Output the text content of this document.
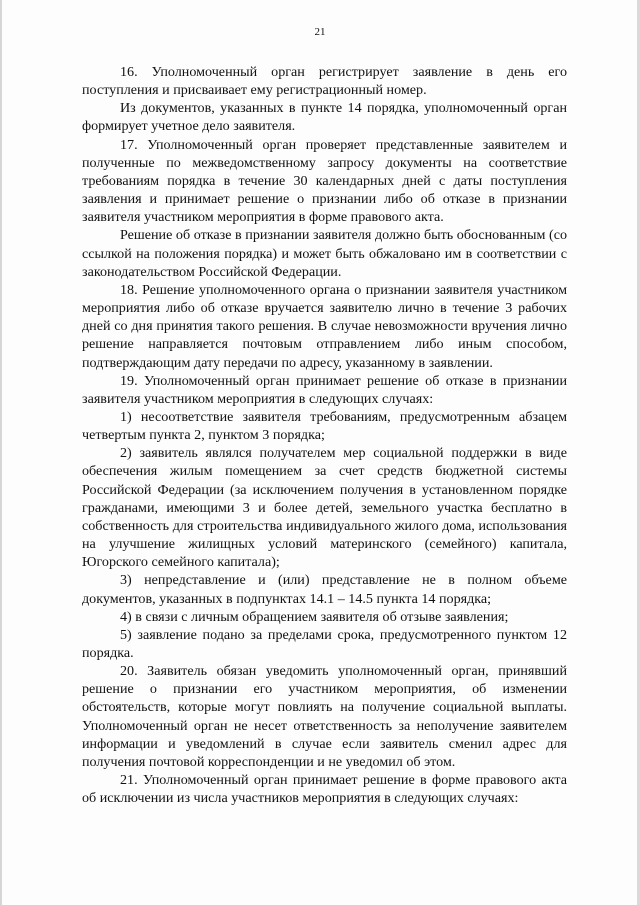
21

16. Уполномоченный орган регистрирует заявление в день его поступления и присваивает ему регистрационный номер.

Из документов, указанных в пункте 14 порядка, уполномоченный орган формирует учетное дело заявителя.

17. Уполномоченный орган проверяет представленные заявителем и полученные по межведомственному запросу документы на соответствие требованиям порядка в течение 30 календарных дней с даты поступления заявления и принимает решение о признании либо об отказе в признании заявителя участником мероприятия в форме правового акта.

Решение об отказе в признании заявителя должно быть обоснованным (со ссылкой на положения порядка) и может быть обжаловано им в соответствии с законодательством Российской Федерации.

18. Решение уполномоченного органа о признании заявителя участником мероприятия либо об отказе вручается заявителю лично в течение 3 рабочих дней со дня принятия такого решения. В случае невозможности вручения лично решение направляется почтовым отправлением либо иным способом, подтверждающим дату передачи по адресу, указанному в заявлении.

19. Уполномоченный орган принимает решение об отказе в признании заявителя участником мероприятия в следующих случаях:

1) несоответствие заявителя требованиям, предусмотренным абзацем четвертым пункта 2, пунктом 3 порядка;

2) заявитель являлся получателем мер социальной поддержки в виде обеспечения жилым помещением за счет средств бюджетной системы Российской Федерации (за исключением получения в установленном порядке гражданами, имеющими 3 и более детей, земельного участка бесплатно в собственность для строительства индивидуального жилого дома, использования на улучшение жилищных условий материнского (семейного) капитала, Югорского семейного капитала);

3) непредставление и (или) представление не в полном объеме документов, указанных в подпунктах 14.1 – 14.5 пункта 14 порядка;

4) в связи с личным обращением заявителя об отзыве заявления;

5) заявление подано за пределами срока, предусмотренного пунктом 12 порядка.

20. Заявитель обязан уведомить уполномоченный орган, принявший решение о признании его участником мероприятия, об изменении обстоятельств, которые могут повлиять на получение социальной выплаты. Уполномоченный орган не несет ответственность за неполучение заявителем информации и уведомлений в случае если заявитель сменил адрес для получения почтовой корреспонденции и не уведомил об этом.

21. Уполномоченный орган принимает решение в форме правового акта об исключении из числа участников мероприятия в следующих случаях:
